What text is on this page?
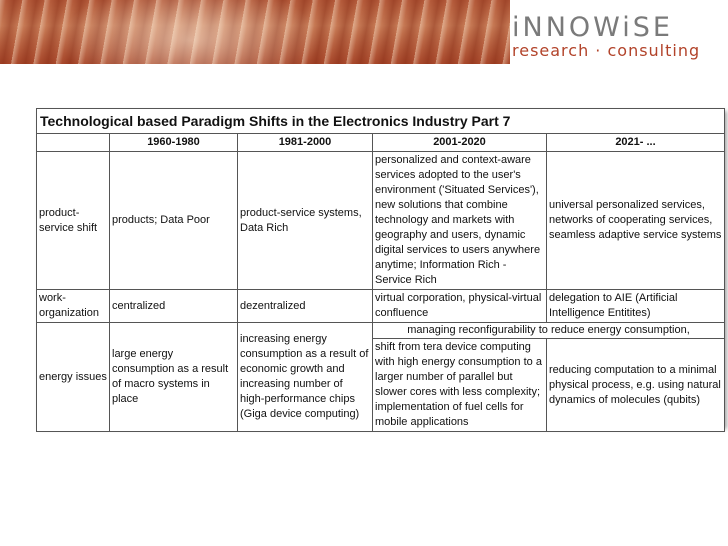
iNNOWiSE
research · consulting
Technological based Paradigm Shifts in the Electronics Industry Part 7				
	1960-1980	1981-2000	2001-2020	2021- ...
product-service shift	products; Data Poor	product-service systems, Data Rich	personalized and context-aware services adopted to the user's environment ('Situated Services'), new solutions that combine technology and markets with geography and users, dynamic digital services to users anywhere anytime; Information Rich - Service Rich	universal personalized services, networks of cooperating services, seamless adaptive service systems
work-organization	centralized	dezentralized	virtual corporation, physical-virtual confluence	delegation to AIE (Artificial Intelligence Entitites)
energy issues	large energy consumption as a result of macro systems in place	increasing energy consumption as a result of economic growth and increasing number of high-performance chips (Giga device computing)	managing reconfigurability to reduce energy consumption,	
			shift from tera device computing with high energy consumption to a larger number of parallel but slower cores with less complexity; implementation of fuel cells for mobile applications	reducing computation to a minimal physical process, e.g. using natural dynamics of molecules (qubits)
